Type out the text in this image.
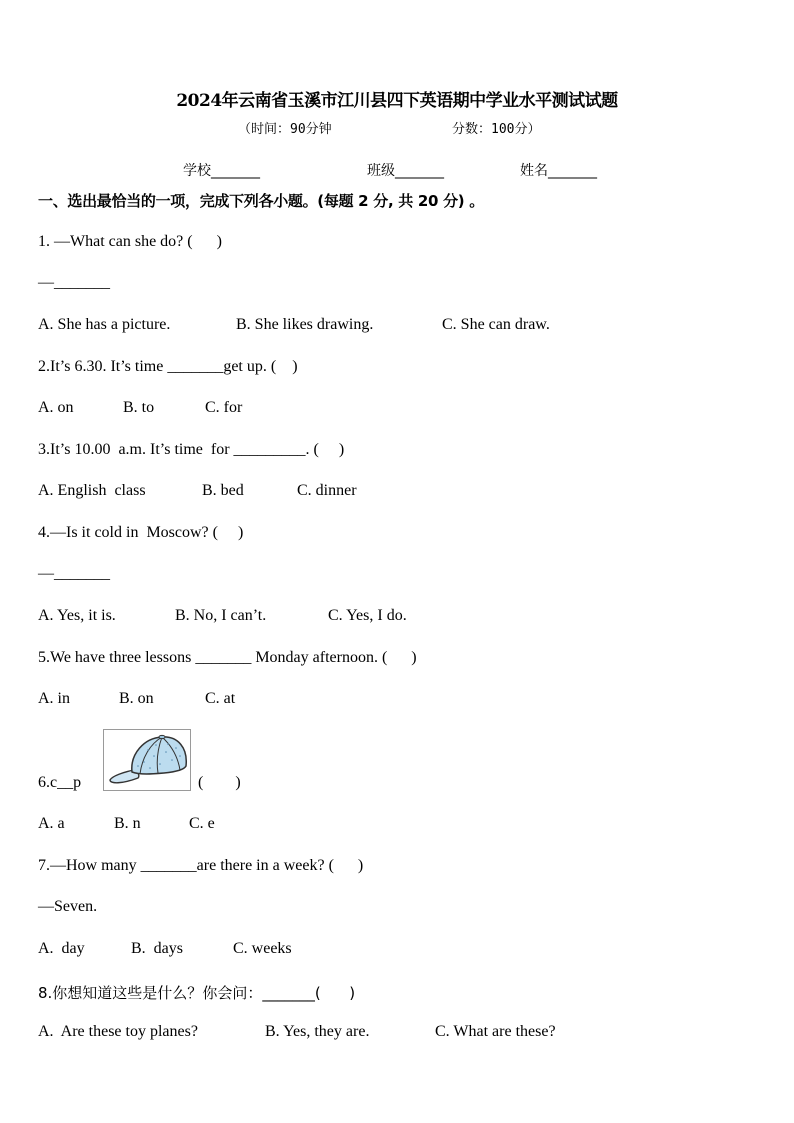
2024年云南省玉溪市江川县四下英语期中学业水平测试试题
（时间：90分钟	分数：100分）
学校_______	班级_______	姓名_______
一、选出最恰当的一项，完成下列各小题。(每题 2 分, 共 20 分) 。
1. —What can she do? (      )
—_______
A. She has a picture.	B. She likes drawing.	C. She can draw.
2.It’s 6.30. It’s time _______get up. (    )
A. on	B. to	C. for
3.It’s 10.00  a.m. It’s time  for _________. (     )
A. English  class	B. bed	C. dinner
4.—Is it cold in  Moscow? (     )
—_______
A. Yes, it is.	B. No, I can’t.	C. Yes, I do.
5.We have three lessons _______ Monday afternoon. (      )
A. in	B. on	C. at
6.c__p	(        )
A. a	B. n	C. e
7.—How many _______are there in a week? (      )
—Seven.
A.  day	B.  days	C. weeks
8.你想知道这些是什么？你会问：_______(      )
A.  Are these toy planes?	B. Yes, they are.	C. What are these?
